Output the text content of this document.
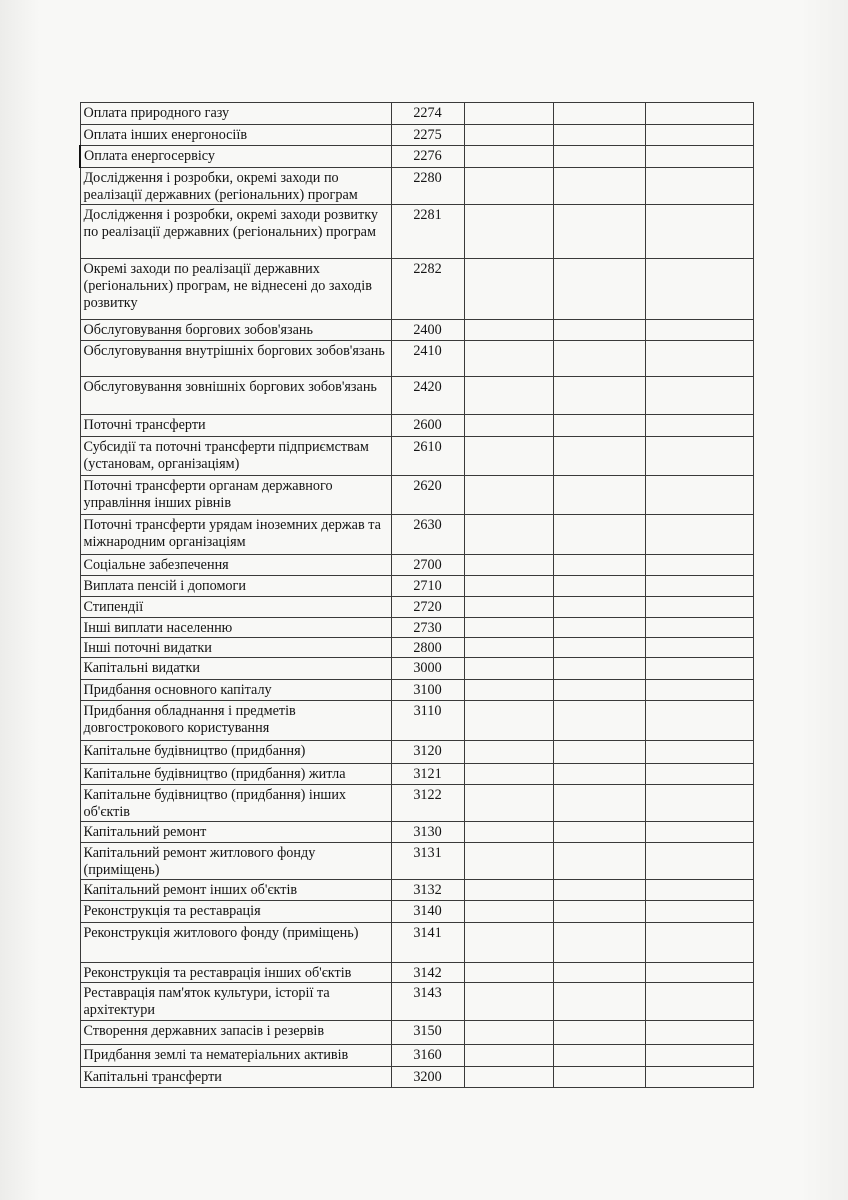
Оплата природного газу	2274			
Оплата інших енергоносіїв	2275			
Оплата енергосервісу	2276			
Дослідження і розробки, окремі заходи по реалізації державних (регіональних) програм	2280			
Дослідження і розробки, окремі заходи розвитку по реалізації державних (регіональних) програм	2281			
Окремі заходи по реалізації державних (регіональних) програм, не віднесені до заходів розвитку	2282			
Обслуговування боргових зобов'язань	2400			
Обслуговування внутрішніх боргових зобов'язань	2410			
Обслуговування зовнішніх боргових зобов'язань	2420			
Поточні трансферти	2600			
Субсидії та поточні трансферти підприємствам (установам, організаціям)	2610			
Поточні трансферти органам державного управління інших рівнів	2620			
Поточні трансферти урядам іноземних держав та міжнародним організаціям	2630			
Соціальне забезпечення	2700			
Виплата пенсій і допомоги	2710			
Стипендії	2720			
Інші виплати населенню	2730			
Інші поточні видатки	2800			
Капітальні видатки	3000			
Придбання основного капіталу	3100			
Придбання обладнання і предметів довгострокового користування	3110			
Капітальне будівництво (придбання)	3120			
Капітальне будівництво (придбання) житла	3121			
Капітальне будівництво (придбання) інших об'єктів	3122			
Капітальний ремонт	3130			
Капітальний ремонт житлового фонду (приміщень)	3131			
Капітальний ремонт інших об'єктів	3132			
Реконструкція та реставрація	3140			
Реконструкція житлового фонду (приміщень)	3141			
Реконструкція та реставрація інших об'єктів	3142			
Реставрація пам'яток культури, історії та архітектури	3143			
Створення державних запасів і резервів	3150			
Придбання землі та нематеріальних активів	3160			
Капітальні трансферти	3200			
